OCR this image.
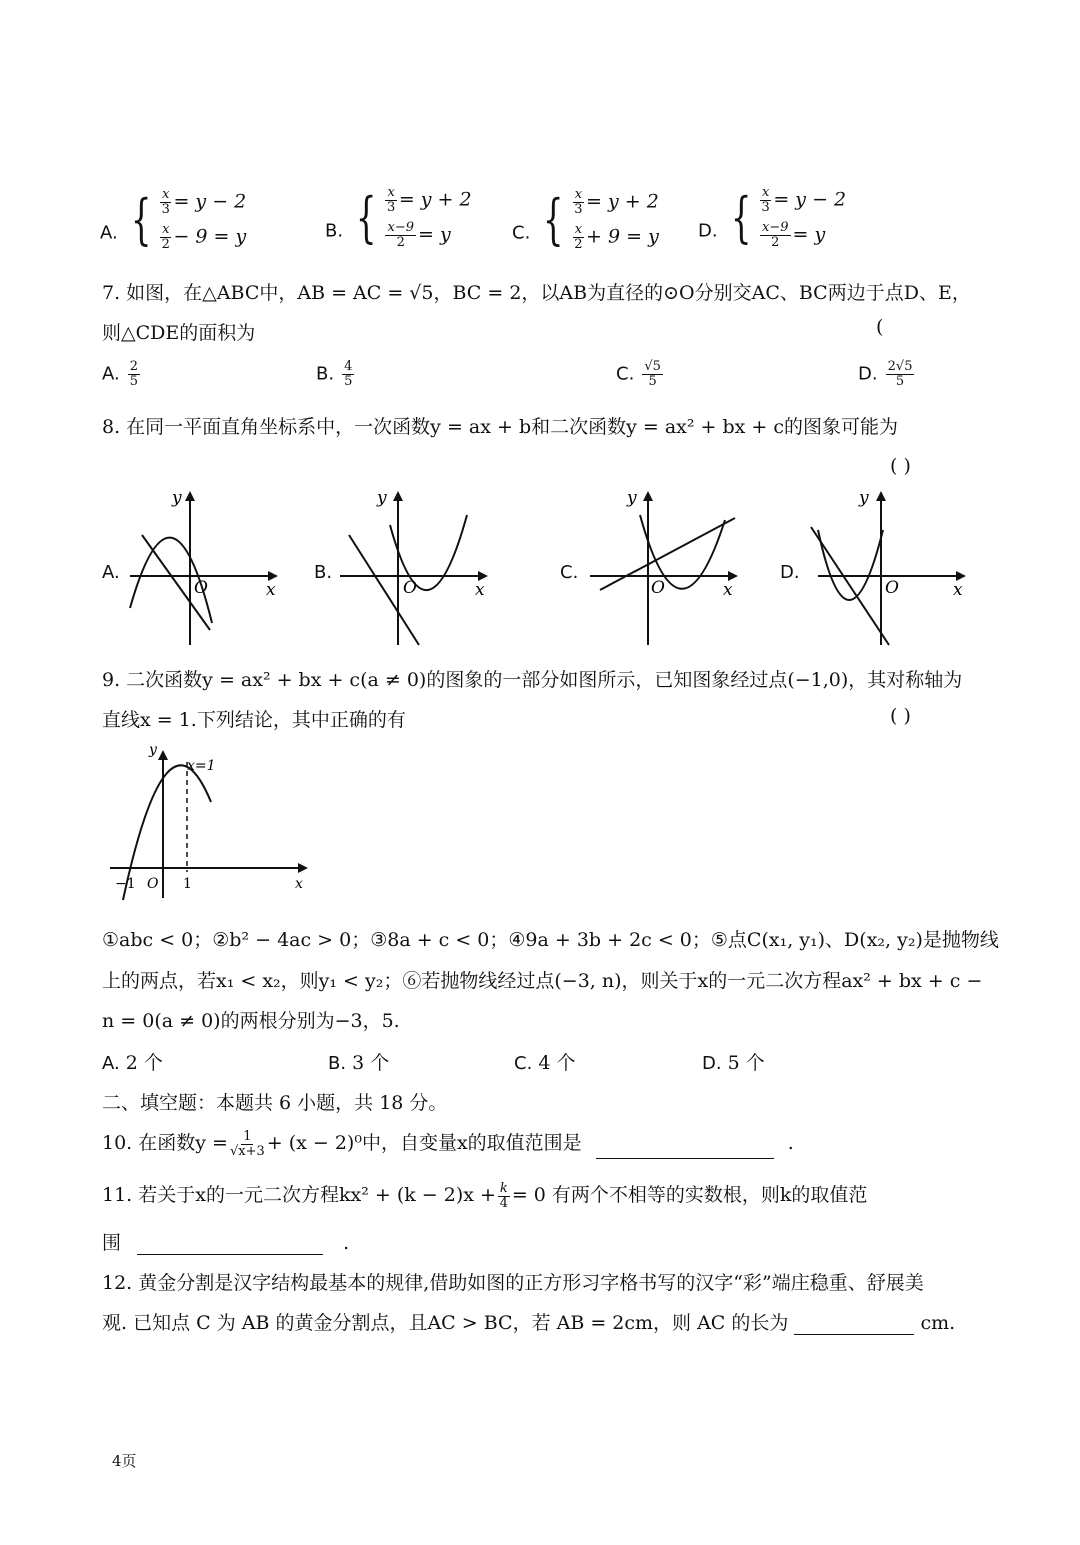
A. { $\frac{x}{3} = y - 2$
$\frac{x}{2} - 9 = y$	B. { $\frac{x}{3} = y + 2$
$\frac{x-9}{2} = y$	C. { $\frac{x}{3} = y + 2$
$\frac{x}{2} + 9 = y$ D. { $\frac{x}{3} = y - 2$
$\frac{x-9}{2} = y$
7. 如图，在△ABC中，AB = AC = √5，BC = 2，以AB为直径的⊙O分别交AC、BC两边于点D、E，
则△CDE的面积为	(
A. $\frac{2}{5}$	B. $\frac{4}{5}$	C. $\frac{√5}{5}$	D. $\frac{2√5}{5}$
8. 在同一平面直角坐标系中，一次函数y = ax + b和二次函数y = ax² + bx + c的图象可能为
( )
A.
y
x
O
B.
y
x
O
C.
y
x
O
D.
y
x
O
9. 二次函数y = ax² + bx + c(a ≠ 0)的图象的一部分如图所示，已知图象经过点(−1,0)，其对称轴为
直线x = 1.下列结论，其中正确的有	( )
y
x=1
−1 O 1	x
①abc < 0；②b² − 4ac > 0；③8a + c < 0；④9a + 3b + 2c < 0；⑤点C(x₁, y₁)、D(x₂, y₂)是抛物线
上的两点，若x₁ < x₂，则y₁ < y₂；⑥若抛物线经过点(−3, n)，则关于x的一元二次方程ax² + bx + c −
n = 0(a ≠ 0)的两根分别为−3，5.
A. 2 个	B. 3 个	C. 4 个	D. 5 个
二、填空题：本题共 6 小题，共 18 分。
10. 在函数$y = \frac{1}{√x+3} + (x - 2)^0$中，自变量x的取值范围是	.
11. 若关于x的一元二次方程$kx^2 + (k - 2)x + \frac{k}{4} = 0$ 有两个不相等的实数根，则k的取值范
围	.
12. 黄金分割是汉字结构最基本的规律,借助如图的正方形习字格书写的汉字“彩”端庄稳重、舒展美
观. 已知点 C 为 AB 的黄金分割点，且AC > BC，若 AB = 2cm，则 AC 的长为	cm.
4页
